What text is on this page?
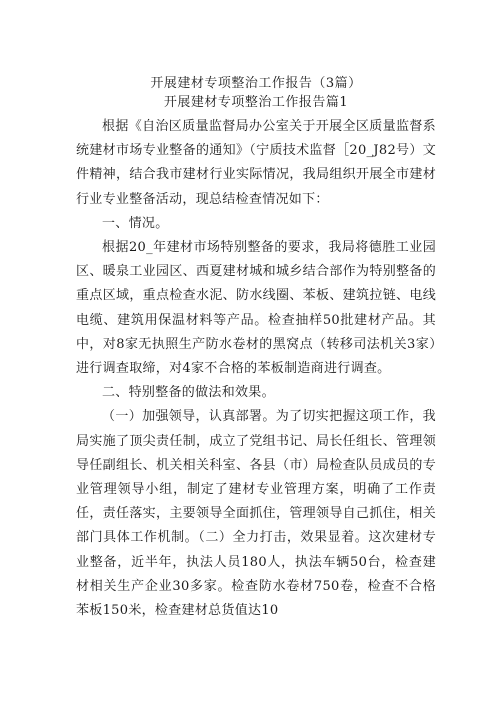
开展建材专项整治工作报告（3篇）

开展建材专项整治工作报告篇1

根据《自治区质量监督局办公室关于开展全区质量监督系统建材市场专业整备的通知》（宁质技术监督［20_J82号）文件精神，结合我市建材行业实际情况，我局组织开展全市建材行业专业整备活动，现总结检查情况如下：

一、情况。

根据20_年建材市场特别整备的要求，我局将德胜工业园区、暖泉工业园区、西夏建材城和城乡结合部作为特别整备的重点区域，重点检查水泥、防水线圈、苯板、建筑拉链、电线电缆、建筑用保温材料等产品。检查抽样50批建材产品。其中，对8家无执照生产防水卷材的黑窝点（转移司法机关3家）进行调查取缔，对4家不合格的苯板制造商进行调查。

二、特别整备的做法和效果。

（一）加强领导，认真部署。为了切实把握这项工作，我局实施了顶尖责任制，成立了党组书记、局长任组长、管理领导任副组长、机关相关科室、各县（市）局检查队员成员的专业管理领导小组，制定了建材专业管理方案，明确了工作责任，责任落实，主要领导全面抓住，管理领导自己抓住，相关部门具体工作机制。（二）全力打击，效果显着。这次建材专业整备，近半年，执法人员180人，执法车辆50台，检查建材相关生产企业30多家。检查防水卷材750卷，检查不合格苯板150米，检查建材总货值达10
